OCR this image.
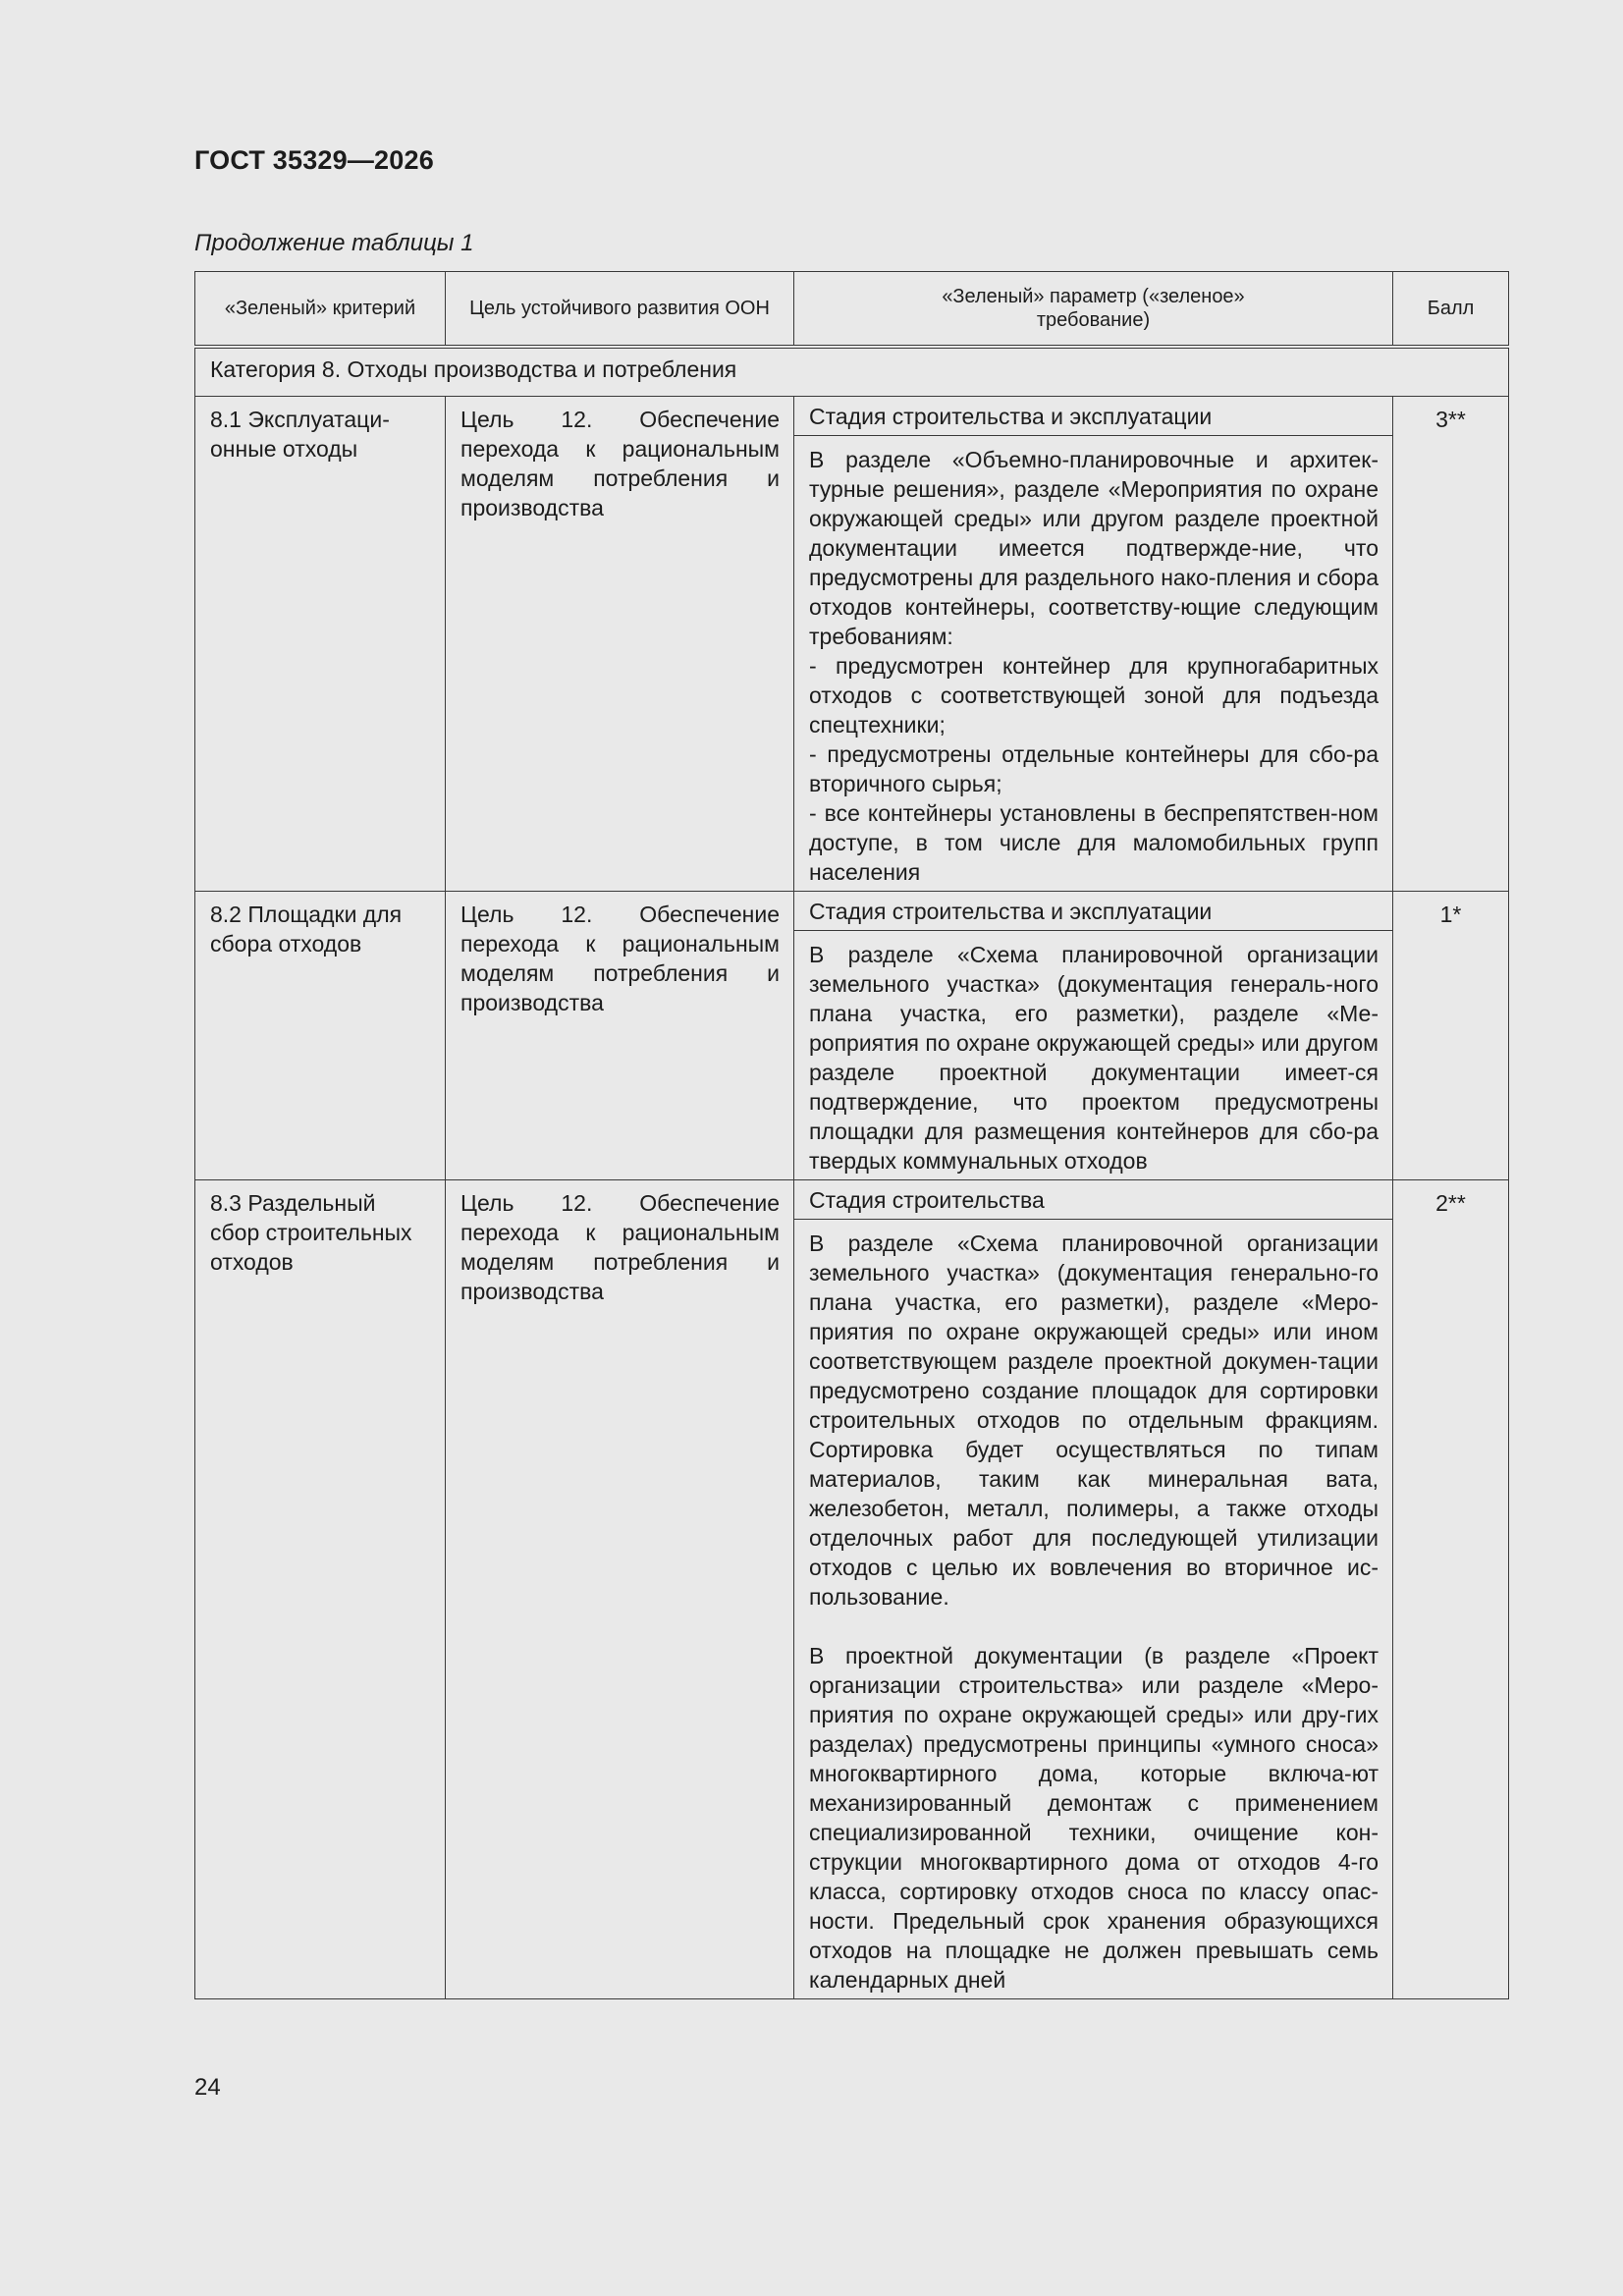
ГОСТ 35329—2026
Продолжение таблицы 1
«Зеленый» критерий	Цель устойчивого развития ООН	«Зеленый» параметр («зеленое» требование)	Балл

Категория 8. Отходы производства и потребления			

8.1 Эксплуатаци-онные отходы	Цель 12. Обеспечение перехода к рациональным моделям потребления и производства	Стадия строительства и эксплуатации

В разделе «Объемно-планировочные и архитек-турные решения», разделе «Мероприятия по охране окружающей среды» или другом разделе проектной документации имеется подтвержде-ние, что предусмотрены для раздельного нако-пления и сбора отходов контейнеры, соответству-ющие следующим требованиям:

- предусмотрен контейнер для крупногабаритных отходов с соответствующей зоной для подъезда спецтехники;

- предусмотрены отдельные контейнеры для сбо-ра вторичного сырья;

- все контейнеры установлены в беспрепятствен-ном доступе, в том числе для маломобильных групп населения	3**

8.2 Площадки для сбора отходов	Цель 12. Обеспечение перехода к рациональным моделям потребления и производства	Стадия строительства и эксплуатации

В разделе «Схема планировочной организации земельного участка» (документация генераль-ного плана участка, его разметки), разделе «Ме-роприятия по охране окружающей среды» или другом разделе проектной документации имеет-ся подтверждение, что проектом предусмотрены площадки для размещения контейнеров для сбо-ра твердых коммунальных отходов	1*

8.3 Раздельный сбор строительных отходов	Цель 12. Обеспечение перехода к рациональным моделям потребления и производства	Стадия строительства

В разделе «Схема планировочной организации земельного участка» (документация генерально-го плана участка, его разметки), разделе «Меро-приятия по охране окружающей среды» или ином соответствующем разделе проектной докумен-тации предусмотрено создание площадок для сортировки строительных отходов по отдельным фракциям. Сортировка будет осуществляться по типам материалов, таким как минеральная вата, железобетон, металл, полимеры, а также отходы отделочных работ для последующей утилизации отходов с целью их вовлечения во вторичное ис-пользование.

В проектной документации (в разделе «Проект организации строительства» или разделе «Меро-приятия по охране окружающей среды» или дру-гих разделах) предусмотрены принципы «умного сноса» многоквартирного дома, которые включа-ют механизированный демонтаж с применением специализированной техники, очищение кон-струкции многоквартирного дома от отходов 4-го класса, сортировку отходов сноса по классу опас-ности. Предельный срок хранения образующихся отходов на площадке не должен превышать семь календарных дней	2**
24
